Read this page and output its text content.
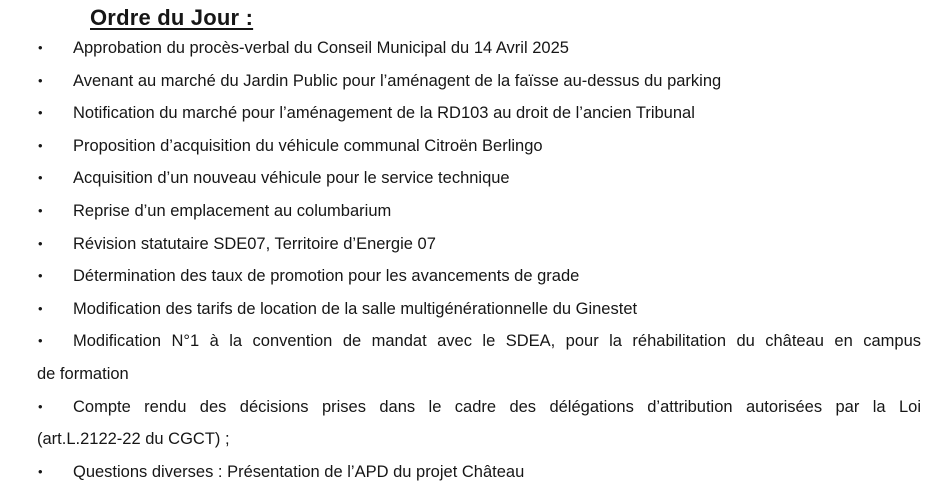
Ordre du Jour :
• Approbation du procès-verbal du Conseil Municipal du 14 Avril 2025
• Avenant au marché du Jardin Public pour l’aménagent de la faïsse au-dessus du parking
• Notification du marché pour l’aménagement de la RD103 au droit de l’ancien Tribunal
• Proposition d’acquisition du véhicule communal Citroën Berlingo
• Acquisition d’un nouveau véhicule pour le service technique
• Reprise d’un emplacement au columbarium
• Révision statutaire SDE07, Territoire d’Energie 07
• Détermination des taux de promotion pour les avancements de grade
• Modification des tarifs de location de la salle multigénérationnelle du Ginestet
• Modification N°1 à la convention de mandat avec le SDEA, pour la réhabilitation du château en campus
de formation
• Compte rendu des décisions prises dans le cadre des délégations d’attribution autorisées par la Loi
(art.L.2122-22 du CGCT) ;
• Questions diverses : Présentation de l’APD du projet Château
